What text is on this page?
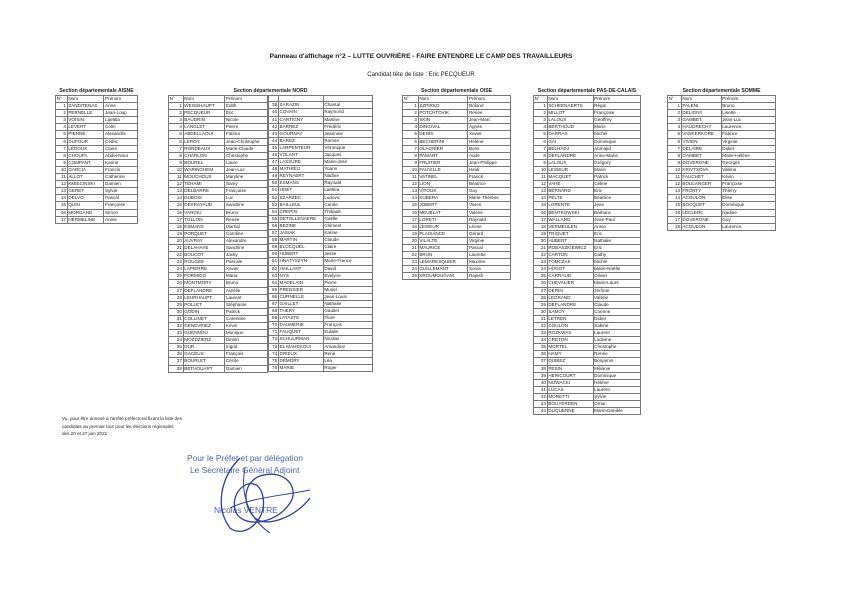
Panneau d'affichage n°2 – LUTTE OUVRIÈRE - FAIRE ENTENDRE LE CAMP DES TRAVAILLEURS
Candidat tête de liste : Eric PECQUEUR
Section départementale AISNE
N°	Nom	Prénom
1	ZANDITENAS	Anne
2	PERNELLE	Jean-Loup
3	VOISIN	Laetitia
4	LEVERT	Colin
5	PIENNE	Alexandra
6	DUFOUR	Cédric
7	LEDOUX	Claire
8	CHOUFA	Abdel-Nour
9	COMPANT	Karine
10	GARCIA	Francis
11	ALLOT	Catherine
12	KMIECINSKI	Damien
13	GERET	Sylvie
14	DELVO	Pascal
15	QUIN	Françoise
16	MORGAND	Simon
17	HERMELINE	Annie
Section départementale NORD
N°	Nom	Prénom
1	WEISSHAUPT	Edith
2	PECQUEUR	Eric
3	BAUDRIN	Nicole
4	LANGLET	Pierre
5	ABDELLAOUI	Fatima
6	LEROY	Jean-Christophe
7	RONDEAUX	Marie-Claude
8	CHARLON	Christophe
9	BOUREL	Laure
10	WARINGHEM	Jean-Luc
11	MOUCHOUX	Maryline
12	TEHAMI	Samy
13	DELBARRE	Françoise
14	DUBOIS	Luc
15	DESRAYAUD	Sandrine
16	VARGIU	Bruno
17	TOLLON	Renée
18	ESMANS	Martial
19	PORQUET	Caroline
20	AUVRAY	Alexandre
21	DELAHAYE	Sandrine
22	BOUCOT	Jacky
23	ROUGEE	Pascale
24	LAPIERRE	Xavier
25	FORMIGO	Maria
26	MONTMORY	Bruno
27	DEFLANDRE	Aurélie
28	LEHRHAUPT	Laurent
29	POLLET	Stéphanie
30	GODIN	Patrick
31	COLLINET	Corentine
32	GENEVRIEZ	Kévin
33	GUENNOU	Monique
34	MOZDZIERZ	Dimitri
35	DUR	Ingrid
36	GACEUS	François
37	BOURLET	Cécile
38	BETHOUART	Damien

39	SARAZIN	Chantal
40	COVAIN	Raymond
41	CARTIGNY	Martine
42	BARREZ	Frédéric
43	GOURNAY	Jeannine
44	BAREZ	Roman
45	LARPENTEUR	Véronique
46	VOLANT	Jacques
47	LASSURE	Marie-José
48	MATHIEU	Yoann
49	REYNAERT	Nadine
50	ESMANS	Raynald
51	HOET	Laëtitia
52	SZARZEC	Ludovic
53	BAILLEUL	Carole
54	CREPIN	Thibault
55	DETOLLENAERE	Gaëlle
56	BEZINE	Clément
57	JASIAK	Karine
58	MARTIN	Claude
59	BLOCQUEL	Claire
60	HUBERT	Jesse
61	HNATYSZYN	Marie-France
62	HAILLANT	David
63	NYS	Evelyne
64	MADELAIN	Pierre
65	PRENSIER	Muriel
66	CURNELLE	Jean-Louis
67	GAILLET	Nathalie
68	THERY	Gautier
69	LATASTE	Flore
70	DAUMERIE	François
71	FAUQUET	Eulalie
72	SCHUURMAN	Nicolas
73	EL MAHDAOUI	Amandine
74	DRIEUX	René
75	DEMORY	Léa
76	MARIE	Roger
Section départementale OISE
N°	Nom	Prénom
1	SZPIRKO	Roland
2	POTCHTOVIK	Renée
3	SKIN	Jean-Marc
4	DINGIVAL	Agnès
5	DENIS	Xavier
6	BECHERINI	Hélène
7	OLAGNIER	Boris
8	PAMART	Aude
9	FRUITIER	Jean-Philippe
10	FAUVILLE	Heidi
11	VATINEL	Franck
12	LION	Béatrice
13	VITOUX	Guy
14	KUBERA	Marie-Thérèse
15	JOBERT	Vivien
16	MEUBLAT	Valérie
17	LORETI	Raynald
18	LESIEUR	Léone
19	PLAISANCE	Gérard
20	VILALTE	Virginie
21	MAURICE	Pascal
22	BRUN	Laurette
23	LEMARESQUIER	Maxime
24	GUILLEMANT	Sonia
25	KROUMOUGAM	Rajesh
Section départementale PAS-DE-CALAIS
N°	Nom	Prénom
1	SCHEENAERTS	Régis
2	MILLOT	Françoise
3	LALOUX	Geoffrey
4	BERTHOUD	Marie
5	DARRAS	Michel
6	GAI	Dominique
7	BELHADJ	Abmajid
8	DEFLANDRE	Anne-Marie
9	LALOUX	Grégory
10	LESIEUR	Marie
11	MACQUET	Patrick
12	VAHÉ	Céline
13	BERNARD	Eric
14	PÉLTE	Béatrice
15	LORENTE	Jean
16	BENTKOWSKI	Barbara
17	WALLARD	Jean-Paul
18	VERMEULEN	Annie
19	TRIQUET	Eric
20	HUBERT	Nathalie
21	ROBASZKIEWICZ	Eric
22	CARTON	Cathy
23	TOMCZAK	Michel
24	HUGOT	Marie-Noëlle
25	CARRAUD	Olivier
26	CHEVALIER	Marie-Laure
27	DERIN	Jérôme
28	LEGRAND	Valérie
29	DEFLANDRE	Claude
30	SAMOY	Corinne
31	LETREN	Didier
32	COULON	Sabine
33	ROZKWAS	Laurent
34	CRETON	Ludivine
35	MORTEL	Christophe
36	HAMY	Renée
37	DUBIEZ	Benjamin
38	PESIN	Mélanie
39	HERICOURT	Dominique
40	NOWACKI	Hélène
41	LUCAS	Laurent
42	MORETTI	Sylvie
43	BOUYERDEN	Omar
44	DUQUENNE	Marie-Danièle
Section départementale SOMME
N°	Nom	Prénom
1	PALENI	Bruno
2	DELIGNY	Lisette
3	GAMBET	Jean-Luc
4	HAUDRECHY	Laurence
5	VANKERKORE	Fabrice
6	VIVIEN	Virginie
7	DELAIRE	Didier
8	GAMBET	Marie-Hélène
9	DOVERGNE	Georges
10	KRIVTSOVA	Valéria
11	FAUCHET	Kévin
12	BOULANGER	Françoise
13	FRONTY	Thierry
14	ACOULON	Elise
15	BOCQUET	Dominique
16	LECLERC	Nadine
17	DOVERGNE	Guy
18	ACOULON	Laurence
Vu, pour être annexé à l'arrêté préfectoral fixant la liste des
candidats au premier tour pour les élections régionales
des 20 et 27 juin 2021
Pour le Préfet et par délégation
Le Secrétaire Général Adjoint
Nicolas VENTRE
